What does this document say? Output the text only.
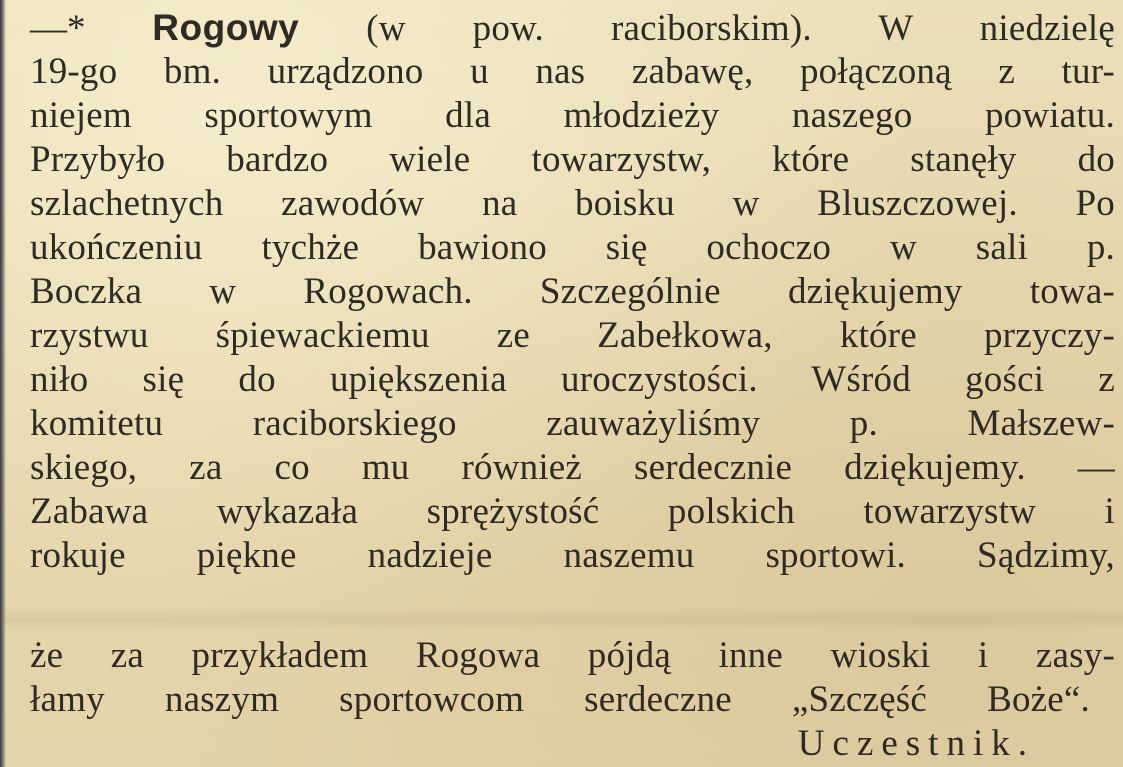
—* Rogowy (w pow. raciborskim). W niedzielę
19-go bm. urządzono u nas zabawę, połączoną z tur-
niejem sportowym dla młodzieży naszego powiatu.
Przybyło bardzo wiele towarzystw, które stanęły do
szlachetnych zawodów na boisku w Bluszczowej. Po
ukończeniu tychże bawiono się ochoczo w sali p.
Boczka w Rogowach. Szczególnie dziękujemy towa-
rzystwu śpiewackiemu ze Zabełkowa, które przyczy-
niło się do upiększenia uroczystości. Wśród gości z
komitetu raciborskiego zauważyliśmy p. Małszew-
skiego, za co mu również serdecznie dziękujemy. —
Zabawa wykazała sprężystość polskich towarzystw i
rokuje piękne nadzieje naszemu sportowi. Sądzimy,
że za przykładem Rogowa pójdą inne wioski i zasy-
łamy naszym sportowcom serdeczne „Szczęść Boże“.
Uczestnik.
